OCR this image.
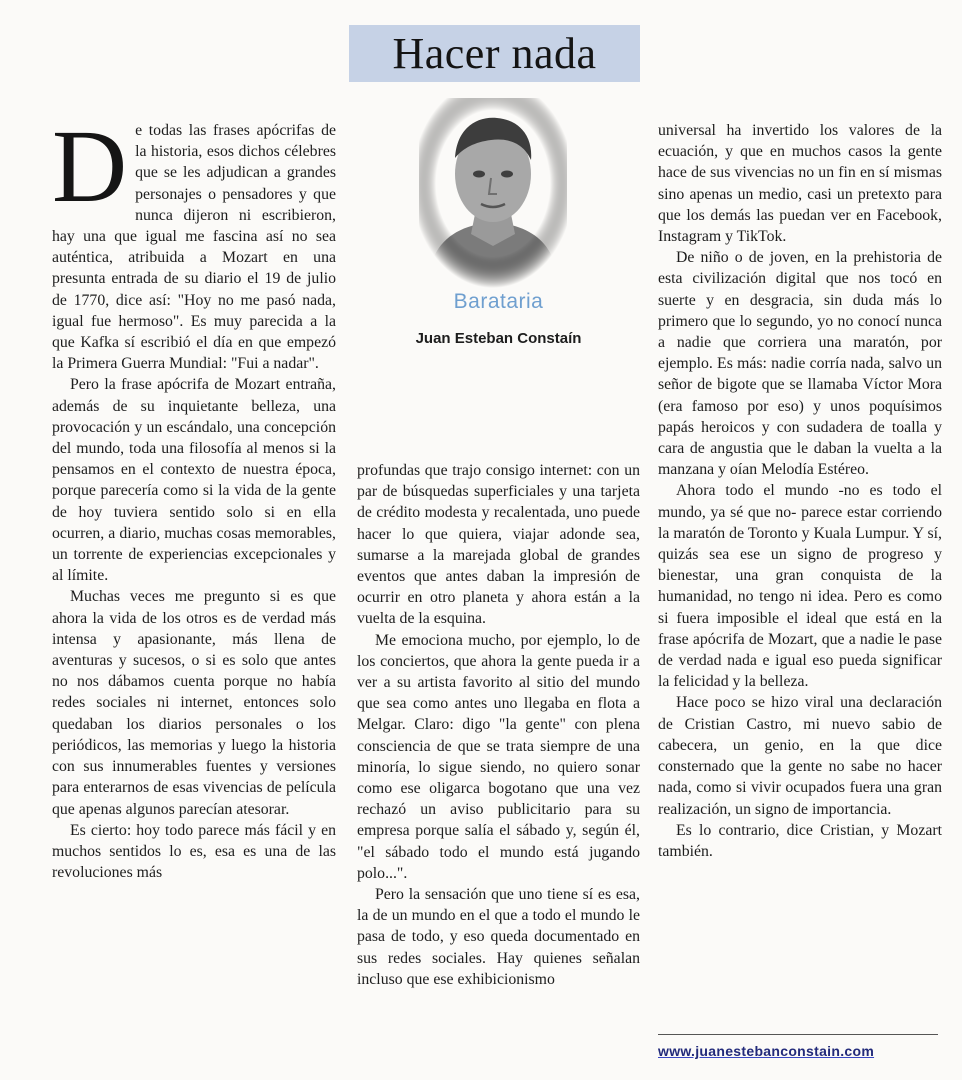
Hacer nada

De todas las frases apócrifas de la historia, esos dichos célebres que se les adjudican a grandes personajes o pensadores y que nunca dijeron ni escribieron, hay una que igual me fascina así no sea auténtica, atribuida a Mozart en una presunta entrada de su diario el 19 de julio de 1770, dice así: "Hoy no me pasó nada, igual fue hermoso". Es muy parecida a la que Kafka sí escribió el día en que empezó la Primera Guerra Mundial: "Fui a nadar".

Pero la frase apócrifa de Mozart entraña, además de su inquietante belleza, una provocación y un escándalo, una concepción del mundo, toda una filosofía al menos si la pensamos en el contexto de nuestra época, porque parecería como si la vida de la gente de hoy tuviera sentido solo si en ella ocurren, a diario, muchas cosas memorables, un torrente de experiencias excepcionales y al límite.

Muchas veces me pregunto si es que ahora la vida de los otros es de verdad más intensa y apasionante, más llena de aventuras y sucesos, o si es solo que antes no nos dábamos cuenta porque no había redes sociales ni internet, entonces solo quedaban los diarios personales o los periódicos, las memorias y luego la historia con sus innumerables fuentes y versiones para enterarnos de esas vivencias de película que apenas algunos parecían atesorar.

Es cierto: hoy todo parece más fácil y en muchos sentidos lo es, esa es una de las revoluciones más

Barataria
Juan Esteban Constaín

profundas que trajo consigo internet: con un par de búsquedas superficiales y una tarjeta de crédito modesta y recalentada, uno puede hacer lo que quiera, viajar adonde sea, sumarse a la marejada global de grandes eventos que antes daban la impresión de ocurrir en otro planeta y ahora están a la vuelta de la esquina.

Me emociona mucho, por ejemplo, lo de los conciertos, que ahora la gente pueda ir a ver a su artista favorito al sitio del mundo que sea como antes uno llegaba en flota a Melgar. Claro: digo "la gente" con plena consciencia de que se trata siempre de una minoría, lo sigue siendo, no quiero sonar como ese oligarca bogotano que una vez rechazó un aviso publicitario para su empresa porque salía el sábado y, según él, "el sábado todo el mundo está jugando polo...".

Pero la sensación que uno tiene sí es esa, la de un mundo en el que a todo el mundo le pasa de todo, y eso queda documentado en sus redes sociales. Hay quienes señalan incluso que ese exhibicionismo

universal ha invertido los valores de la ecuación, y que en muchos casos la gente hace de sus vivencias no un fin en sí mismas sino apenas un medio, casi un pretexto para que los demás las puedan ver en Facebook, Instagram y TikTok.

De niño o de joven, en la prehistoria de esta civilización digital que nos tocó en suerte y en desgracia, sin duda más lo primero que lo segundo, yo no conocí nunca a nadie que corriera una maratón, por ejemplo. Es más: nadie corría nada, salvo un señor de bigote que se llamaba Víctor Mora (era famoso por eso) y unos poquísimos papás heroicos y con sudadera de toalla y cara de angustia que le daban la vuelta a la manzana y oían Melodía Estéreo.

Ahora todo el mundo -no es todo el mundo, ya sé que no- parece estar corriendo la maratón de Toronto y Kuala Lumpur. Y sí, quizás sea ese un signo de progreso y bienestar, una gran conquista de la humanidad, no tengo ni idea. Pero es como si fuera imposible el ideal que está en la frase apócrifa de Mozart, que a nadie le pase de verdad nada e igual eso pueda significar la felicidad y la belleza.

Hace poco se hizo viral una declaración de Cristian Castro, mi nuevo sabio de cabecera, un genio, en la que dice consternado que la gente no sabe no hacer nada, como si vivir ocupados fuera una gran realización, un signo de importancia.

Es lo contrario, dice Cristian, y Mozart también.

www.juanestebanconstain.com
